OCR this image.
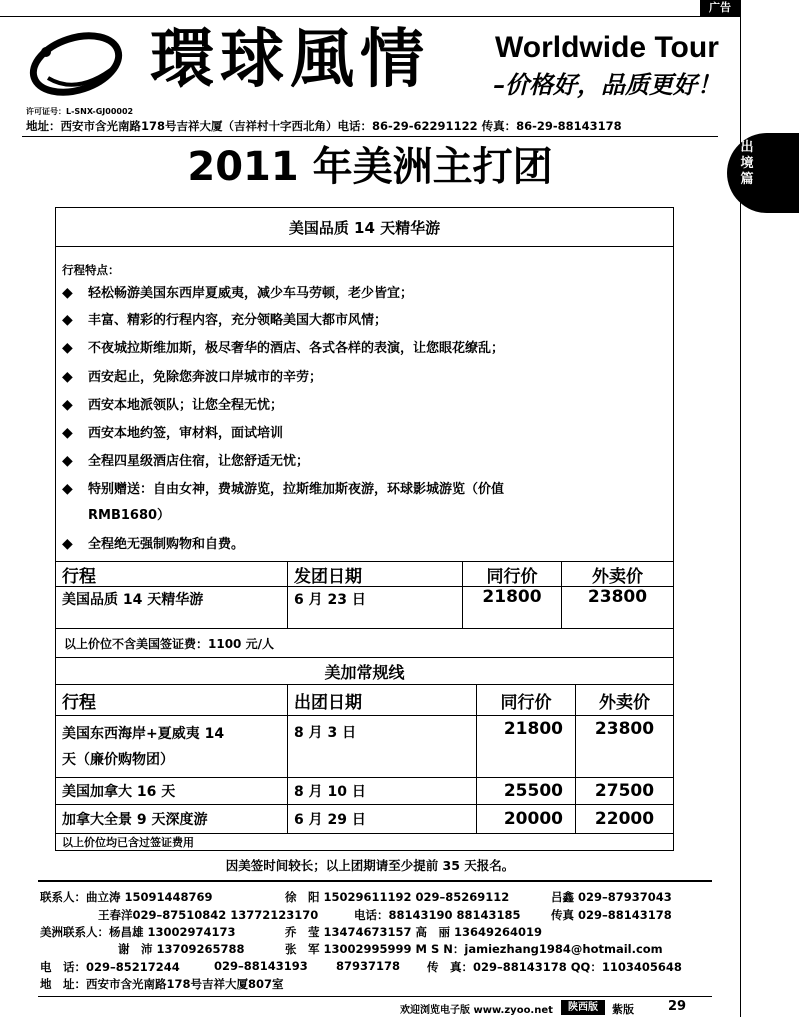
广告
環球風情 Worldwide Tour
–价格好，品质更好！
许可证号：L-SNX-GJ00002
地址：西安市含光南路178号吉祥大厦（吉祥村十字西北角）电话：86-29-62291122 传真：86-29-88143178
出境篇
2011 年美洲主打团
美国品质 14 天精华游
行程特点：
◆ 轻松畅游美国东西岸夏威夷，减少车马劳顿，老少皆宜；
◆ 丰富、精彩的行程内容，充分领略美国大都市风情；
◆ 不夜城拉斯维加斯，极尽奢华的酒店、各式各样的表演，让您眼花缭乱；
◆ 西安起止，免除您奔波口岸城市的辛劳；
◆ 西安本地派领队；让您全程无忧；
◆ 西安本地约签，审材料，面试培训
◆ 全程四星级酒店住宿，让您舒适无忧；
◆ 特别赠送：自由女神，费城游览，拉斯维加斯夜游，环球影城游览（价值
RMB1680）
◆ 全程绝无强制购物和自费。
行程	发团日期	同行价	外卖价
美国品质 14 天精华游	6 月 23 日	21800	23800
以上价位不含美国签证费：1100 元/人
美加常规线
行程	出团日期	同行价	外卖价
美国东西海岸+夏威夷 14
天（廉价购物团）
8 月 3 日	21800	23800
美国加拿大 16 天	8 月 10 日	25500	27500
加拿大全景 9 天深度游	6 月 29 日	20000	22000
以上价位均已含过签证费用
因美签时间较长；以上团期请至少提前 35 天报名。
联系人：曲立涛 15091448769	徐　阳 15029611192 029–85269112	吕鑫 029–87937043
王春洋029–87510842 13772123170	电话：88143190 88143185	传真 029–88143178
美洲联系人：杨昌雄 13002974173	乔　莹 13474673157 高　丽 13649264019
谢　沛 13709265788	张　军 13002995999 M S N：jamiezhang1984@hotmail.com
电　话：029–85217244	029–88143193 87937178 传　真：029–88143178 QQ：1103405648
地　址：西安市含光南路178号吉祥大厦807室
欢迎浏览电子版 www.zyoo.net	陕西版	紫版	29
